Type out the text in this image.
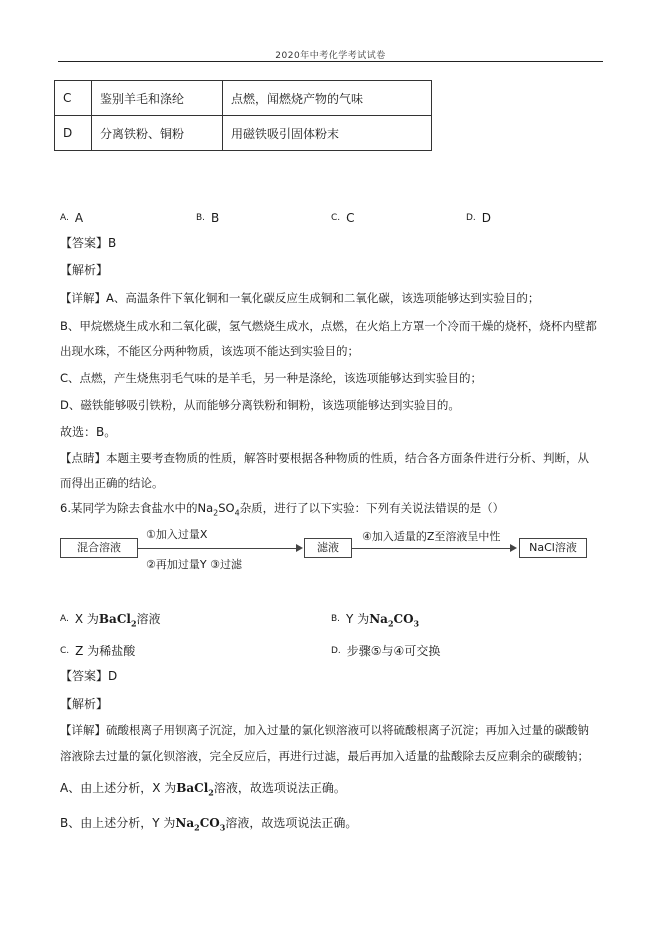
2020年中考化学考试试卷
C	鉴别羊毛和涤纶	点燃，闻燃烧产物的气味
D	分离铁粉、铜粉	用磁铁吸引固体粉末
$^{A.}$ A	$^{B.}$ B	$^{C.}$ C	$^{D.}$ D
【答案】B
【解析】
【详解】A、高温条件下氧化铜和一氧化碳反应生成铜和二氧化碳，该选项能够达到实验目的；
B、甲烷燃烧生成水和二氧化碳，氢气燃烧生成水，点燃，在火焰上方罩一个冷而干燥的烧杯，烧杯内壁都
出现水珠，不能区分两种物质，该选项不能达到实验目的；
C、点燃，产生烧焦羽毛气味的是羊毛，另一种是涤纶，该选项能够达到实验目的；
D、磁铁能够吸引铁粉，从而能够分离铁粉和铜粉，该选项能够达到实验目的。
故选：B。
【点睛】本题主要考查物质的性质，解答时要根据各种物质的性质，结合各方面条件进行分析、判断，从
而得出正确的结论。
6.某同学为除去食盐水中的$Na_2SO_4$杂质，进行了以下实验：下列有关说法错误的是（）
混合溶液
①加入过量X
②再加过量Y ③过滤
滤液
④加入适量的Z至溶液呈中性
NaCl溶液
$^{A.}$ X 为BaCl$_2$溶液	$^{B.}$ Y 为$Na_2CO_3$
$^{C.}$ Z 为稀盐酸	$^{D.}$ 步骤⑤与④可交换
【答案】D
【解析】
【详解】硫酸根离子用钡离子沉淀，加入过量的氯化钡溶液可以将硫酸根离子沉淀；再加入过量的碳酸钠
溶液除去过量的氯化钡溶液，完全反应后，再进行过滤，最后再加入适量的盐酸除去反应剩余的碳酸钠；
A、由上述分析，X 为BaCl$_2$溶液，故选项说法正确。
B、由上述分析，Y 为$Na_2CO_3$溶液，故选项说法正确。
